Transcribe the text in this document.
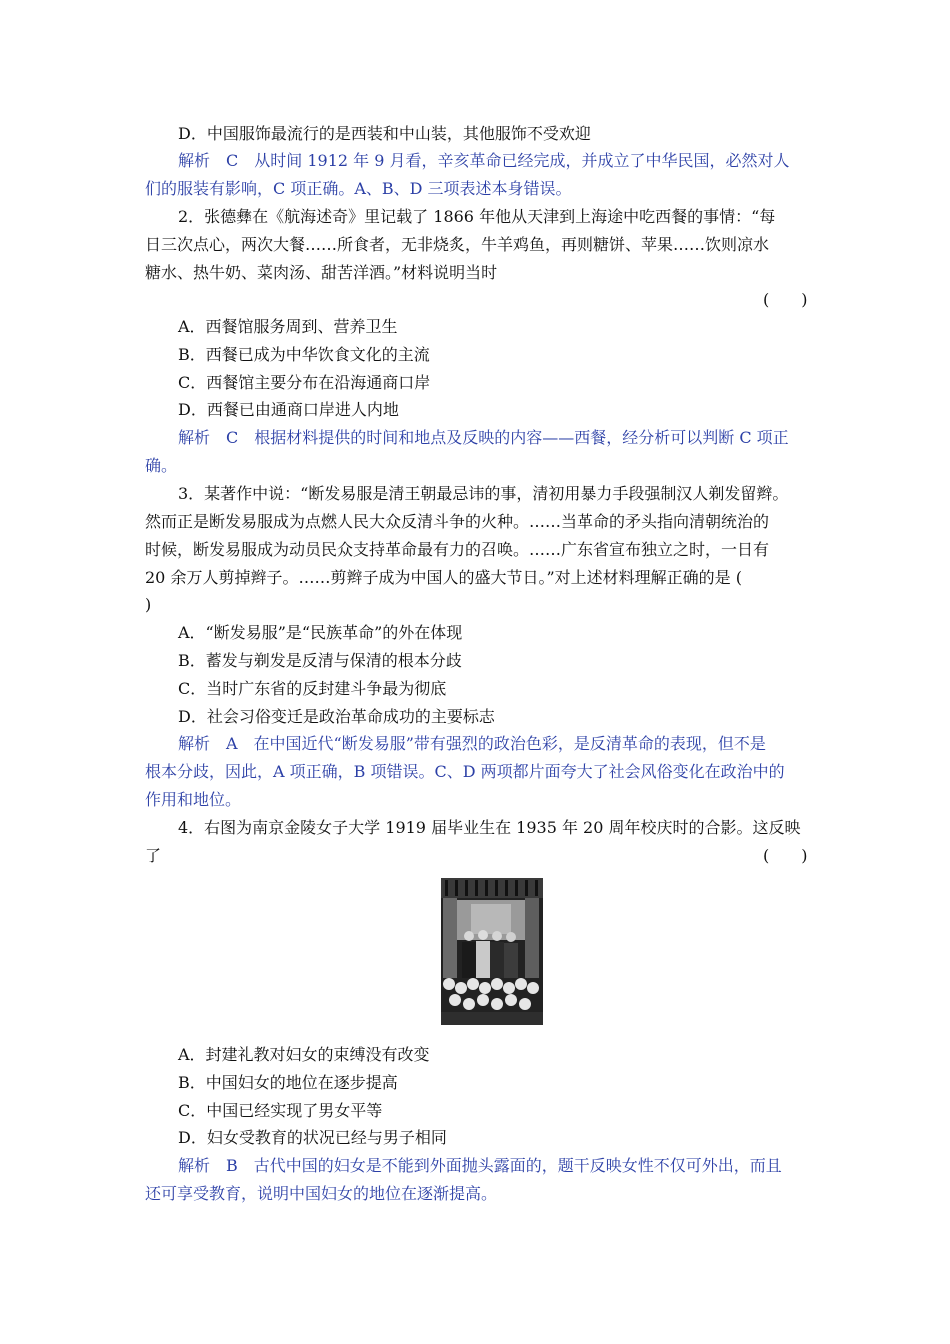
D．中国服饰最流行的是西装和中山装，其他服饰不受欢迎
解析　C　从时间 1912 年 9 月看，辛亥革命已经完成，并成立了中华民国，必然对人
们的服装有影响，C 项正确。A、B、D 三项表述本身错误。
2．张德彝在《航海述奇》里记载了 1866 年他从天津到上海途中吃西餐的事情：“每
日三次点心，两次大餐……所食者，无非烧炙，牛羊鸡鱼，再则糖饼、苹果……饮则凉水
糖水、热牛奶、菜肉汤、甜苦洋酒。”材料说明当时
(　　)
A．西餐馆服务周到、营养卫生
B．西餐已成为中华饮食文化的主流
C．西餐馆主要分布在沿海通商口岸
D．西餐已由通商口岸进人内地
解析　C　根据材料提供的时间和地点及反映的内容——西餐，经分析可以判断 C 项正
确。
3．某著作中说：“断发易服是清王朝最忌讳的事，清初用暴力手段强制汉人剃发留辫。
然而正是断发易服成为点燃人民大众反清斗争的火种。……当革命的矛头指向清朝统治的
时候，断发易服成为动员民众支持革命最有力的召唤。……广东省宣布独立之时，一日有
20 余万人剪掉辫子。……剪辫子成为中国人的盛大节日。”对上述材料理解正确的是 (
)
A．“断发易服”是“民族革命”的外在体现
B．蓄发与剃发是反清与保清的根本分歧
C．当时广东省的反封建斗争最为彻底
D．社会习俗变迁是政治革命成功的主要标志
解析　A　在中国近代“断发易服”带有强烈的政治色彩，是反清革命的表现，但不是
根本分歧，因此，A 项正确，B 项错误。C、D 两项都片面夸大了社会风俗变化在政治中的
作用和地位。
4．右图为南京金陵女子大学 1919 届毕业生在 1935 年 20 周年校庆时的合影。这反映
了	(　　)
A．封建礼教对妇女的束缚没有改变
B．中国妇女的地位在逐步提高
C．中国已经实现了男女平等
D．妇女受教育的状况已经与男子相同
解析　B　古代中国的妇女是不能到外面抛头露面的，题干反映女性不仅可外出，而且
还可享受教育，说明中国妇女的地位在逐渐提高。
